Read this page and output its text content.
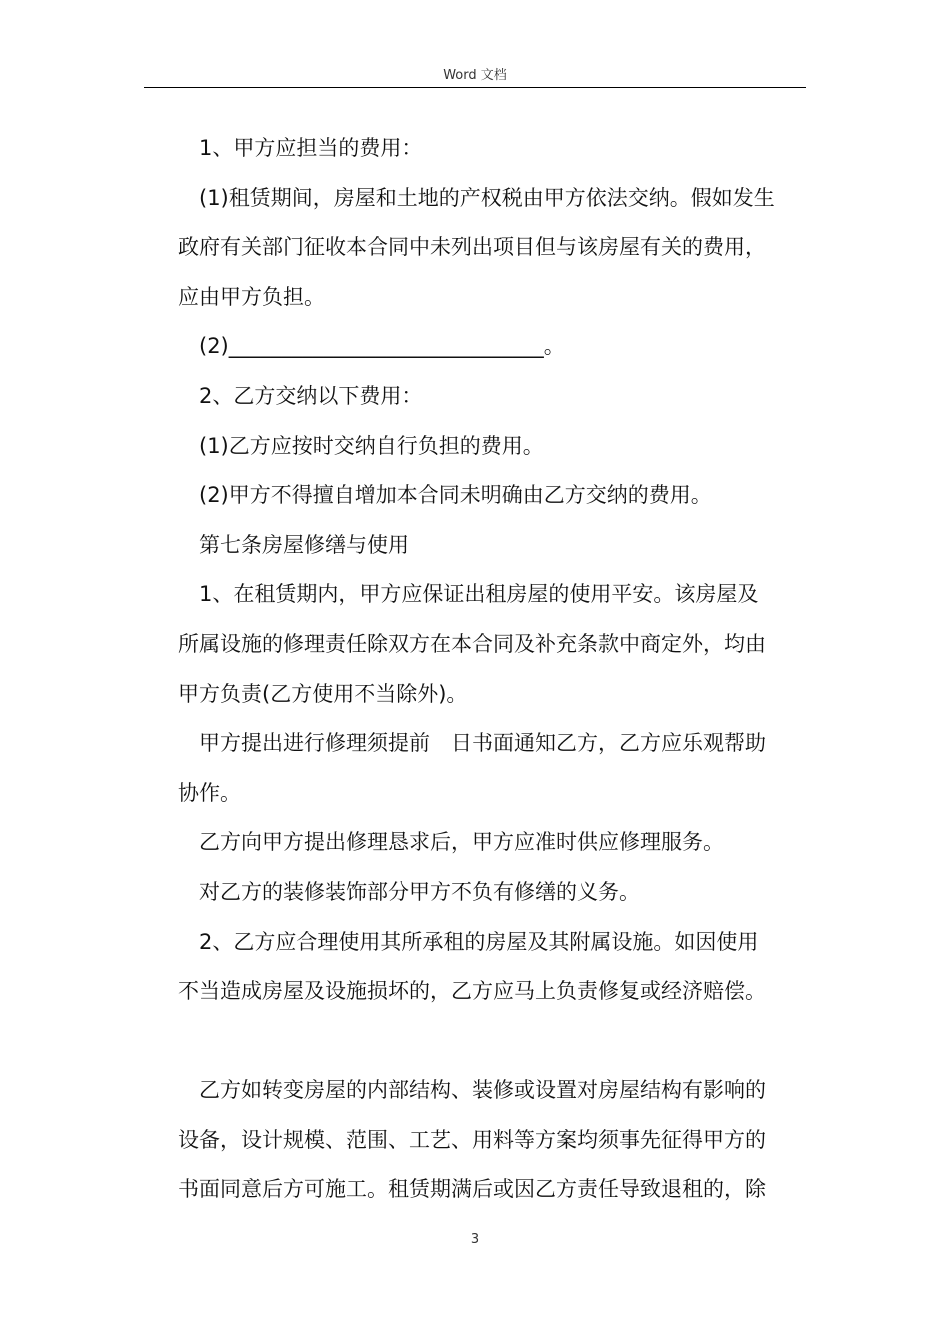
Word 文档

1、甲方应担当的费用：

(1)租赁期间，房屋和土地的产权税由甲方依法交纳。假如发生

政府有关部门征收本合同中未列出项目但与该房屋有关的费用，

应由甲方负担。

(2)______________________________。

2、乙方交纳以下费用：

(1)乙方应按时交纳自行负担的费用。

(2)甲方不得擅自增加本合同未明确由乙方交纳的费用。

第七条房屋修缮与使用

1、在租赁期内，甲方应保证出租房屋的使用平安。该房屋及

所属设施的修理责任除双方在本合同及补充条款中商定外，均由

甲方负责(乙方使用不当除外)。

甲方提出进行修理须提前　日书面通知乙方，乙方应乐观帮助

协作。

乙方向甲方提出修理恳求后，甲方应准时供应修理服务。

对乙方的装修装饰部分甲方不负有修缮的义务。

2、乙方应合理使用其所承租的房屋及其附属设施。如因使用

不当造成房屋及设施损坏的，乙方应马上负责修复或经济赔偿。

乙方如转变房屋的内部结构、装修或设置对房屋结构有影响的

设备，设计规模、范围、工艺、用料等方案均须事先征得甲方的

书面同意后方可施工。租赁期满后或因乙方责任导致退租的，除

3
